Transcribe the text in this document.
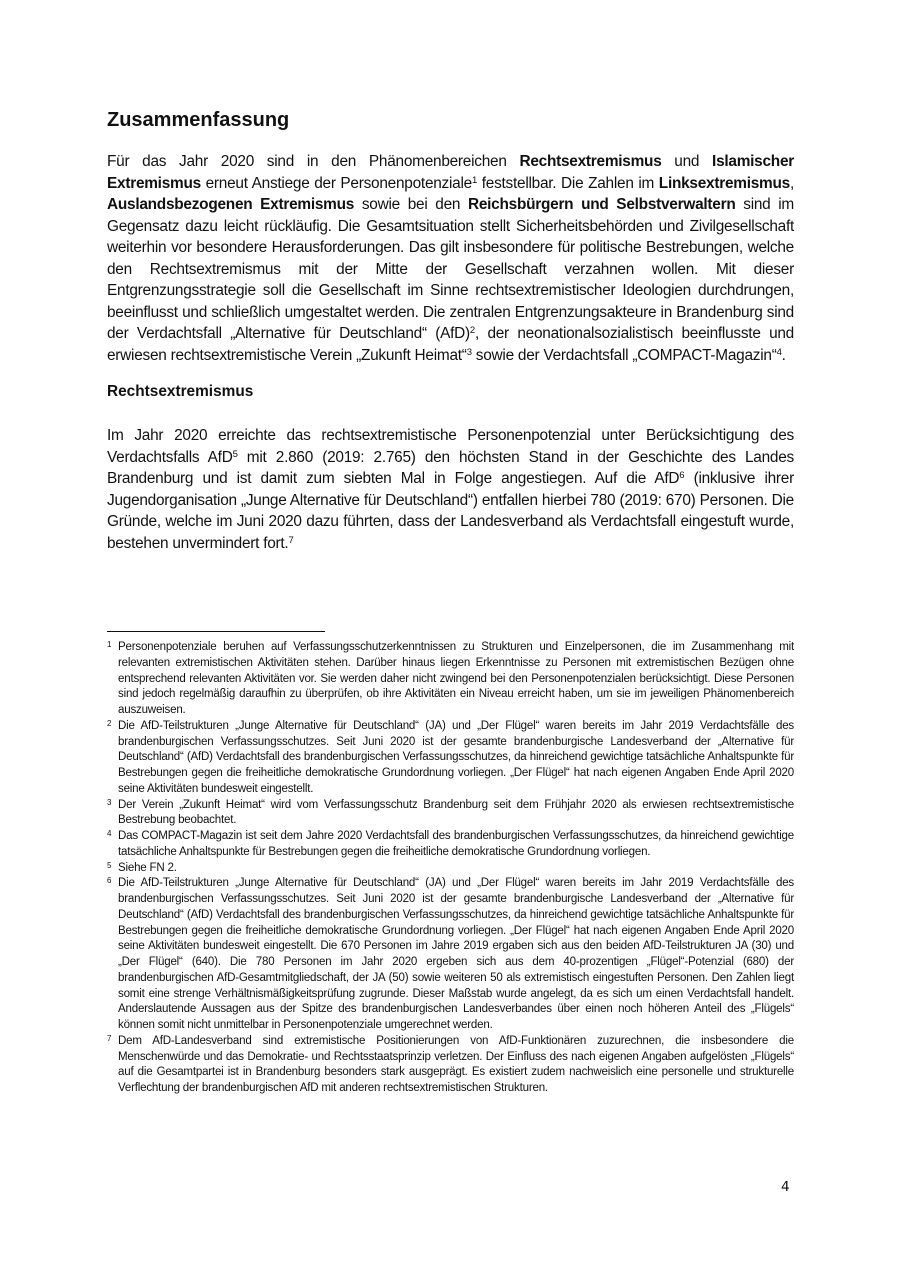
Zusammenfassung

Für das Jahr 2020 sind in den Phänomenbereichen Rechtsextremismus und Islamischer Extremismus erneut Anstiege der Personenpotenziale$^1$ feststellbar. Die Zahlen im Linksextremismus, Auslandsbezogenen Extremismus sowie bei den Reichsbürgern und Selbstverwaltern sind im Gegensatz dazu leicht rückläufig. Die Gesamtsituation stellt Sicherheitsbehörden und Zivilgesellschaft weiterhin vor besondere Herausforderungen. Das gilt insbesondere für politische Bestrebungen, welche den Rechtsextremismus mit der Mitte der Gesellschaft verzahnen wollen. Mit dieser Entgrenzungsstrategie soll die Gesellschaft im Sinne rechtsextremistischer Ideologien durchdrungen, beeinflusst und schließlich umgestaltet werden. Die zentralen Entgrenzungsakteure in Brandenburg sind der Verdachtsfall „Alternative für Deutschland“ (AfD)$^2$, der neonationalsozialistisch beeinflusste und erwiesen rechtsextremistische Verein „Zukunft Heimat“$^3$ sowie der Verdachtsfall „COMPACT-Magazin“$^4$.

Rechtsextremismus

Im Jahr 2020 erreichte das rechtsextremistische Personenpotenzial unter Berücksichtigung des Verdachtsfalls AfD$^5$ mit 2.860 (2019: 2.765) den höchsten Stand in der Geschichte des Landes Brandenburg und ist damit zum siebten Mal in Folge angestiegen. Auf die AfD$^6$ (inklusive ihrer Jugendorganisation „Junge Alternative für Deutschland“) entfallen hierbei 780 (2019: 670) Personen. Die Gründe, welche im Juni 2020 dazu führten, dass der Landesverband als Verdachtsfall eingestuft wurde, bestehen unvermindert fort.$^7$

1 Personenpotenziale beruhen auf Verfassungsschutzerkenntnissen zu Strukturen und Einzelpersonen, die im Zusammenhang mit relevanten extremistischen Aktivitäten stehen. Darüber hinaus liegen Erkenntnisse zu Personen mit extremistischen Bezügen ohne entsprechend relevanten Aktivitäten vor. Sie werden daher nicht zwingend bei den Personenpotenzialen berücksichtigt. Diese Personen sind jedoch regelmäßig daraufhin zu überprüfen, ob ihre Aktivitäten ein Niveau erreicht haben, um sie im jeweiligen Phänomenbereich auszuweisen.
2 Die AfD-Teilstrukturen „Junge Alternative für Deutschland“ (JA) und „Der Flügel“ waren bereits im Jahr 2019 Verdachtsfälle des brandenburgischen Verfassungsschutzes. Seit Juni 2020 ist der gesamte brandenburgische Landesverband der „Alternative für Deutschland“ (AfD) Verdachtsfall des brandenburgischen Verfassungsschutzes, da hinreichend gewichtige tatsächliche Anhaltspunkte für Bestrebungen gegen die freiheitliche demokratische Grundordnung vorliegen. „Der Flügel“ hat nach eigenen Angaben Ende April 2020 seine Aktivitäten bundesweit eingestellt.
3 Der Verein „Zukunft Heimat“ wird vom Verfassungsschutz Brandenburg seit dem Frühjahr 2020 als erwiesen rechtsextremistische Bestrebung beobachtet.
4 Das COMPACT-Magazin ist seit dem Jahre 2020 Verdachtsfall des brandenburgischen Verfassungsschutzes, da hinreichend gewichtige tatsächliche Anhaltspunkte für Bestrebungen gegen die freiheitliche demokratische Grundordnung vorliegen.
5 Siehe FN 2.
6 Die AfD-Teilstrukturen „Junge Alternative für Deutschland“ (JA) und „Der Flügel“ waren bereits im Jahr 2019 Verdachtsfälle des brandenburgischen Verfassungsschutzes. Seit Juni 2020 ist der gesamte brandenburgische Landesverband der „Alternative für Deutschland“ (AfD) Verdachtsfall des brandenburgischen Verfassungsschutzes, da hinreichend gewichtige tatsächliche Anhaltspunkte für Bestrebungen gegen die freiheitliche demokratische Grundordnung vorliegen. „Der Flügel“ hat nach eigenen Angaben Ende April 2020 seine Aktivitäten bundesweit eingestellt. Die 670 Personen im Jahre 2019 ergaben sich aus den beiden AfD-Teilstrukturen JA (30) und „Der Flügel“ (640). Die 780 Personen im Jahr 2020 ergeben sich aus dem 40-prozentigen „Flügel“-Potenzial (680) der brandenburgischen AfD-Gesamtmitgliedschaft, der JA (50) sowie weiteren 50 als extremistisch eingestuften Personen. Den Zahlen liegt somit eine strenge Verhältnismäßigkeitsprüfung zugrunde. Dieser Maßstab wurde angelegt, da es sich um einen Verdachtsfall handelt. Anderslautende Aussagen aus der Spitze des brandenburgischen Landesverbandes über einen noch höheren Anteil des „Flügels“ können somit nicht unmittelbar in Personenpotenziale umgerechnet werden.
7 Dem AfD-Landesverband sind extremistische Positionierungen von AfD-Funktionären zuzurechnen, die insbesondere die Menschenwürde und das Demokratie- und Rechtsstaatsprinzip verletzen. Der Einfluss des nach eigenen Angaben aufgelösten „Flügels“ auf die Gesamtpartei ist in Brandenburg besonders stark ausgeprägt. Es existiert zudem nachweislich eine personelle und strukturelle Verflechtung der brandenburgischen AfD mit anderen rechtsextremistischen Strukturen.
4
